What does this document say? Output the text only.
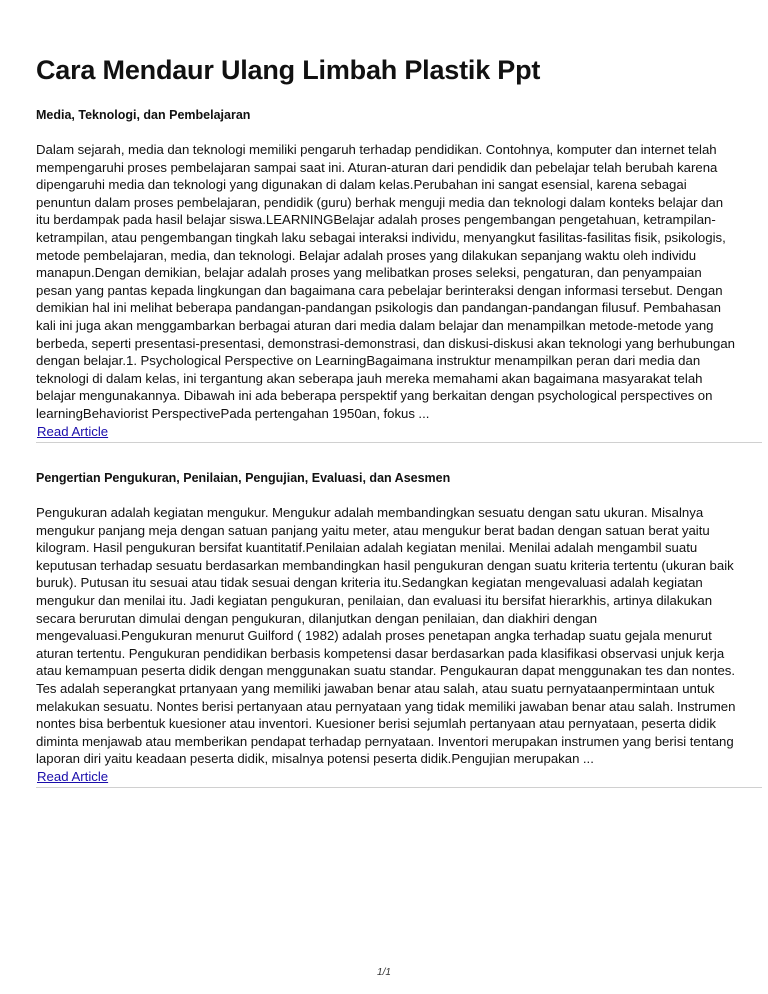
Cara Mendaur Ulang Limbah Plastik Ppt
Media, Teknologi, dan Pembelajaran

Dalam sejarah, media dan teknologi memiliki pengaruh terhadap pendidikan. Contohnya, komputer dan internet telah mempengaruhi proses pembelajaran sampai saat ini. Aturan-aturan dari pendidik dan pebelajar telah berubah karena dipengaruhi media dan teknologi yang digunakan di dalam kelas.Perubahan ini sangat esensial, karena sebagai penuntun dalam proses pembelajaran, pendidik (guru) berhak menguji media dan teknologi dalam konteks belajar dan itu berdampak pada hasil belajar siswa.LEARNINGBelajar adalah proses pengembangan pengetahuan, ketrampilan-ketrampilan, atau pengembangan tingkah laku sebagai interaksi individu, menyangkut fasilitas-fasilitas fisik, psikologis, metode pembelajaran, media, dan teknologi. Belajar adalah proses yang dilakukan sepanjang waktu oleh individu manapun.Dengan demikian, belajar adalah proses yang melibatkan proses seleksi, pengaturan, dan penyampaian pesan yang pantas kepada lingkungan dan bagaimana cara pebelajar berinteraksi dengan informasi tersebut. Dengan demikian hal ini melihat beberapa pandangan-pandangan psikologis dan pandangan-pandangan filusuf. Pembahasan kali ini juga akan menggambarkan berbagai aturan dari media dalam belajar dan menampilkan metode-metode yang berbeda, seperti presentasi-presentasi, demonstrasi-demonstrasi, dan diskusi-diskusi akan teknologi yang berhubungan dengan belajar.1. Psychological Perspective on LearningBagaimana instruktur menampilkan peran dari media dan teknologi di dalam kelas, ini tergantung akan seberapa jauh mereka memahami akan bagaimana masyarakat telah belajar mengunakannya. Dibawah ini ada beberapa perspektif yang berkaitan dengan psychological perspectives on learningBehaviorist PerspectivePada pertengahan 1950an, fokus ...

Read Article
Pengertian Pengukuran, Penilaian, Pengujian, Evaluasi, dan Asesmen

Pengukuran adalah kegiatan mengukur. Mengukur adalah membandingkan sesuatu dengan satu ukuran. Misalnya mengukur panjang meja dengan satuan panjang yaitu meter, atau mengukur berat badan dengan satuan berat yaitu kilogram. Hasil pengukuran bersifat kuantitatif.Penilaian adalah kegiatan menilai. Menilai adalah mengambil suatu keputusan terhadap sesuatu berdasarkan membandingkan hasil pengukuran dengan suatu kriteria tertentu (ukuran baik buruk). Putusan itu sesuai atau tidak sesuai dengan kriteria itu.Sedangkan kegiatan mengevaluasi adalah kegiatan mengukur dan menilai itu. Jadi kegiatan pengukuran, penilaian, dan evaluasi itu bersifat hierarkhis, artinya dilakukan secara berurutan dimulai dengan pengukuran, dilanjutkan dengan penilaian, dan diakhiri dengan mengevaluasi.Pengukuran menurut Guilford ( 1982) adalah proses penetapan angka terhadap suatu gejala menurut aturan tertentu. Pengukuran pendidikan berbasis kompetensi dasar berdasarkan pada klasifikasi observasi unjuk kerja atau kemampuan peserta didik dengan menggunakan suatu standar. Pengukauran dapat menggunakan tes dan nontes. Tes adalah seperangkat prtanyaan yang memiliki jawaban benar atau salah, atau suatu pernyataanpermintaan untuk melakukan sesuatu. Nontes berisi pertanyaan atau pernyataan yang tidak memiliki jawaban benar atau salah. Instrumen nontes bisa berbentuk kuesioner atau inventori. Kuesioner berisi sejumlah pertanyaan atau pernyataan, peserta didik diminta menjawab atau memberikan pendapat terhadap pernyataan. Inventori merupakan instrumen yang berisi tentang laporan diri yaitu keadaan peserta didik, misalnya potensi peserta didik.Pengujian merupakan ...

Read Article
1/1
